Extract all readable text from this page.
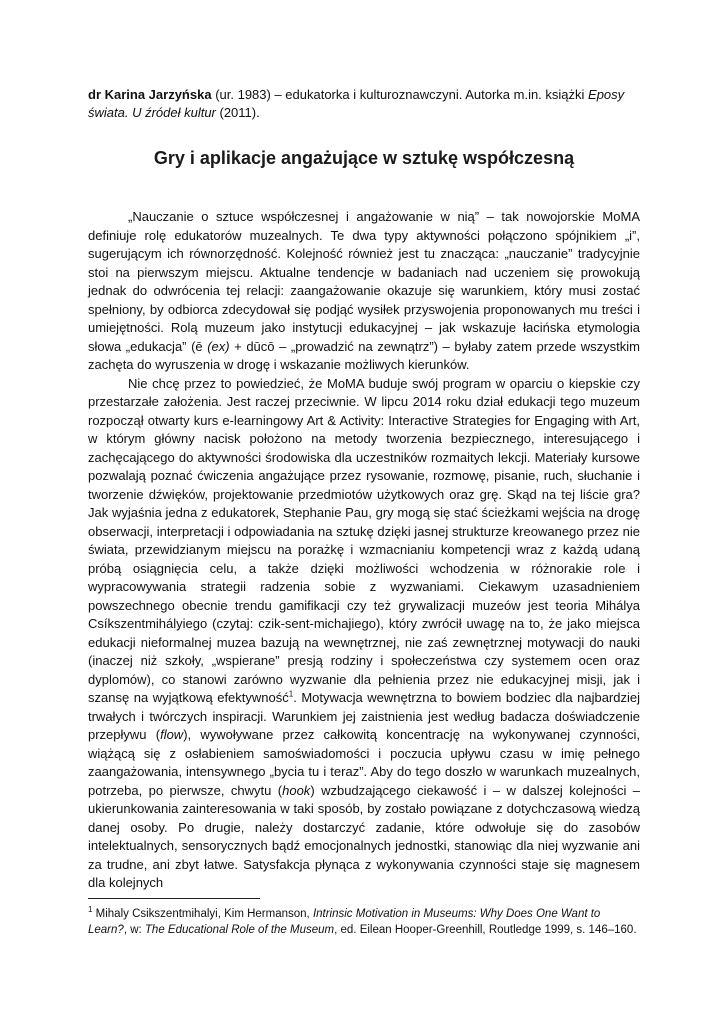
dr Karina Jarzyńska (ur. 1983) – edukatorka i kulturoznawczyni. Autorka m.in. książki Eposy świata. U źródeł kultur (2011).
Gry i aplikacje angażujące w sztukę współczesną

„Nauczanie o sztuce współczesnej i angażowanie w nią” – tak nowojorskie MoMA definiuje rolę edukatorów muzealnych. Te dwa typy aktywności połączono spójnikiem „i”, sugerującym ich równorzędność. Kolejność również jest tu znacząca: „nauczanie” tradycyjnie stoi na pierwszym miejscu. Aktualne tendencje w badaniach nad uczeniem się prowokują jednak do odwrócenia tej relacji: zaangażowanie okazuje się warunkiem, który musi zostać spełniony, by odbiorca zdecydował się podjąć wysiłek przyswojenia proponowanych mu treści i umiejętności. Rolą muzeum jako instytucji edukacyjnej – jak wskazuje łacińska etymologia słowa „edukacja” (ē (ex) + dūcō – „prowadzić na zewnątrz”) – byłaby zatem przede wszystkim zachęta do wyruszenia w drogę i wskazanie możliwych kierunków.

Nie chcę przez to powiedzieć, że MoMA buduje swój program w oparciu o kiepskie czy przestarzałe założenia. Jest raczej przeciwnie. W lipcu 2014 roku dział edukacji tego muzeum rozpoczął otwarty kurs e-learningowy Art & Activity: Interactive Strategies for Engaging with Art, w którym główny nacisk położono na metody tworzenia bezpiecznego, interesującego i zachęcającego do aktywności środowiska dla uczestników rozmaitych lekcji. Materiały kursowe pozwalają poznać ćwiczenia angażujące przez rysowanie, rozmowę, pisanie, ruch, słuchanie i tworzenie dźwięków, projektowanie przedmiotów użytkowych oraz grę. Skąd na tej liście gra? Jak wyjaśnia jedna z edukatorek, Stephanie Pau, gry mogą się stać ścieżkami wejścia na drogę obserwacji, interpretacji i odpowiadania na sztukę dzięki jasnej strukturze kreowanego przez nie świata, przewidzianym miejscu na porażkę i wzmacnianiu kompetencji wraz z każdą udaną próbą osiągnięcia celu, a także dzięki możliwości wchodzenia w różnorakie role i wypracowywania strategii radzenia sobie z wyzwaniami. Ciekawym uzasadnieniem powszechnego obecnie trendu gamifikacji czy też grywalizacji muzeów jest teoria Mihálya Csíkszentmihályiego (czytaj: czik-sent-michajiego), który zwrócił uwagę na to, że jako miejsca edukacji nieformalnej muzea bazują na wewnętrznej, nie zaś zewnętrznej motywacji do nauki (inaczej niż szkoły, „wspierane” presją rodziny i społeczeństwa czy systemem ocen oraz dyplomów), co stanowi zarówno wyzwanie dla pełnienia przez nie edukacyjnej misji, jak i szansę na wyjątkową efektywność$^1$. Motywacja wewnętrzna to bowiem bodziec dla najbardziej trwałych i twórczych inspiracji. Warunkiem jej zaistnienia jest według badacza doświadczenie przepływu (flow), wywoływane przez całkowitą koncentrację na wykonywanej czynności, wiążącą się z osłabieniem samoświadomości i poczucia upływu czasu w imię pełnego zaangażowania, intensywnego „bycia tu i teraz”. Aby do tego doszło w warunkach muzealnych, potrzeba, po pierwsze, chwytu (hook) wzbudzającego ciekawość i – w dalszej kolejności – ukierunkowania zainteresowania w taki sposób, by zostało powiązane z dotychczasową wiedzą danej osoby. Po drugie, należy dostarczyć zadanie, które odwołuje się do zasobów intelektualnych, sensorycznych bądź emocjonalnych jednostki, stanowiąc dla niej wyzwanie ani za trudne, ani zbyt łatwe. Satysfakcja płynąca z wykonywania czynności staje się magnesem dla kolejnych

$^1$ Mihaly Csikszentmihalyi, Kim Hermanson, Intrinsic Motivation in Museums: Why Does One Want to Learn?, w: The Educational Role of the Museum, ed. Eilean Hooper-Greenhill, Routledge 1999, s. 146–160.
